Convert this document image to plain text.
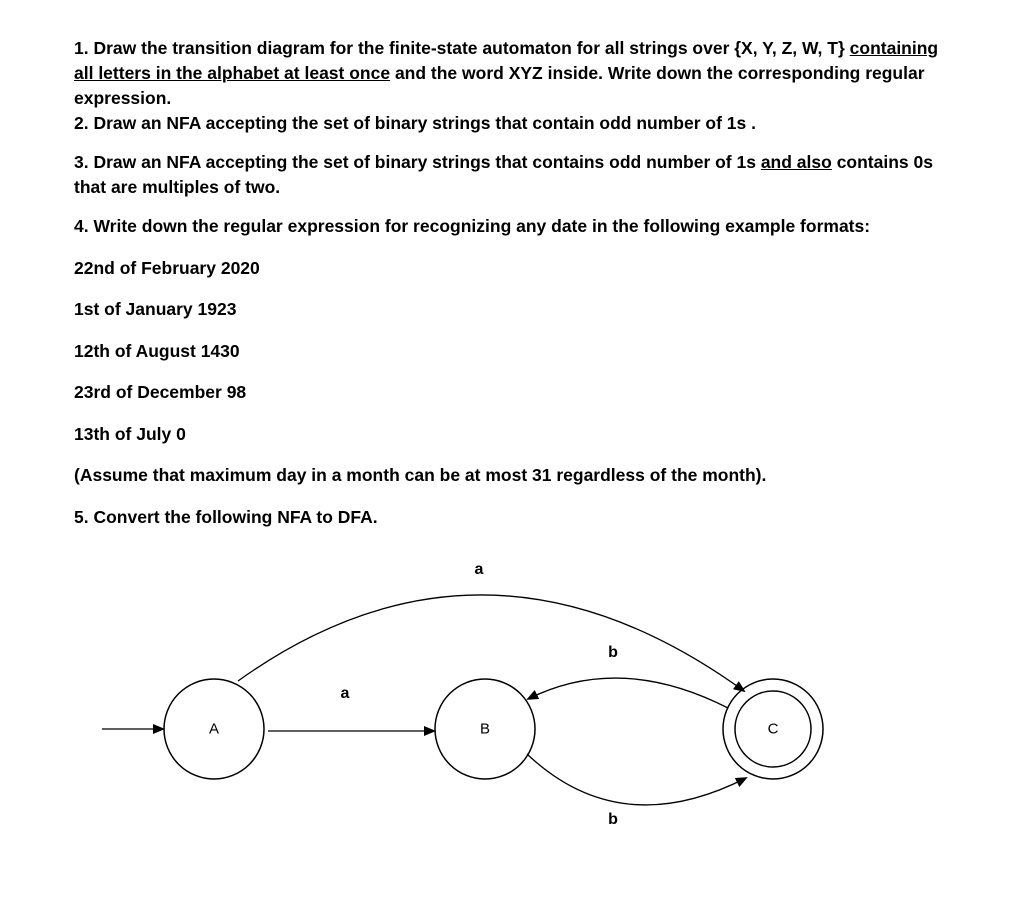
1. Draw the transition diagram for the finite-state automaton for all strings over {X, Y, Z, W, T} containing all letters in the alphabet at least once and the word XYZ inside. Write down the corresponding regular expression.

2. Draw an NFA accepting the set of binary strings that contain odd number of 1s .

3. Draw an NFA accepting the set of binary strings that contains odd number of 1s and also contains 0s that are multiples of two.

4. Write down the regular expression for recognizing any date in the following example formats:

22nd of February 2020

1st of January 1923

12th of August 1430

23rd of December 98

13th of July 0

(Assume that maximum day in a month can be at most 31 regardless of the month).

5. Convert the following NFA to DFA.

A	B	C
a
a
b
b
